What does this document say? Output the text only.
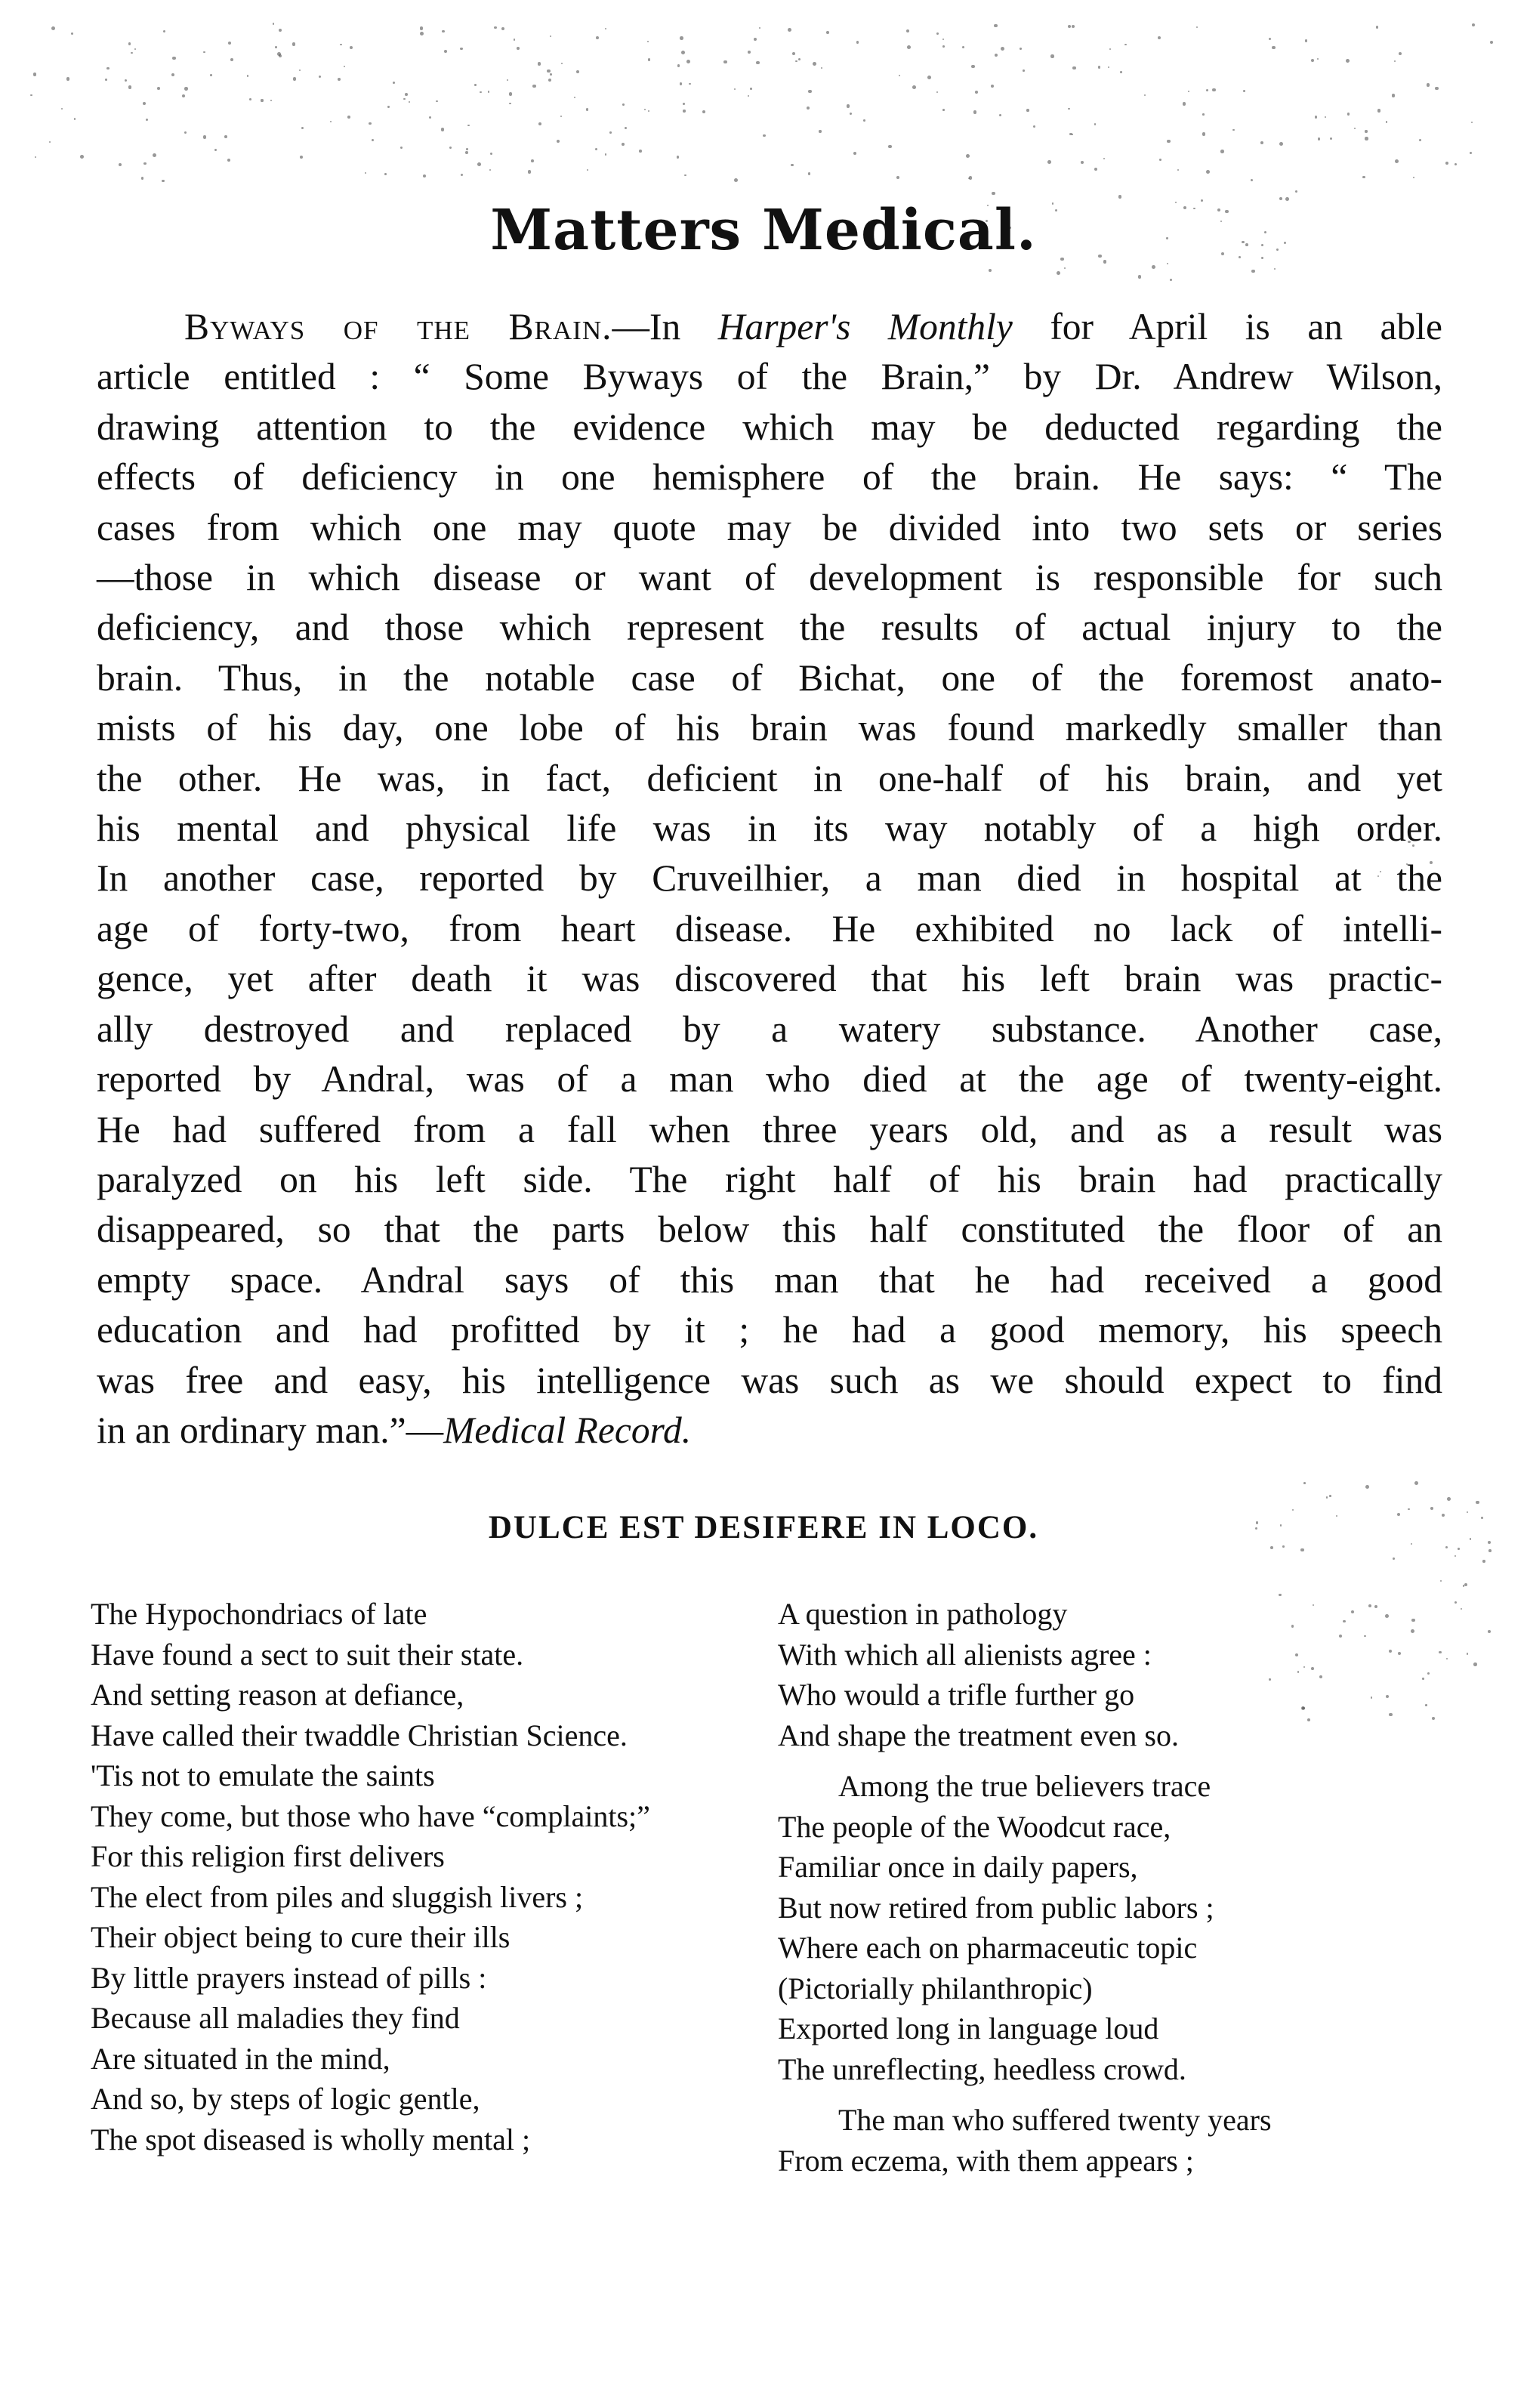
Matters Medical.
Byways of the Brain.—In Harper's Monthly for April is an able
article entitled : “ Some Byways of the Brain,” by Dr. Andrew Wilson,
drawing attention to the evidence which may be deducted regarding the
effects of deficiency in one hemisphere of the brain. He says: “ The
cases from which one may quote may be divided into two sets or series
—those in which disease or want of development is responsible for such
deficiency, and those which represent the results of actual injury to the
brain. Thus, in the notable case of Bichat, one of the foremost anato-
mists of his day, one lobe of his brain was found markedly smaller than
the other. He was, in fact, deficient in one-half of his brain, and yet
his mental and physical life was in its way notably of a high order.
In another case, reported by Cruveilhier, a man died in hospital at the
age of forty-two, from heart disease. He exhibited no lack of intelli-
gence, yet after death it was discovered that his left brain was practic-
ally destroyed and replaced by a watery substance. Another case,
reported by Andral, was of a man who died at the age of twenty-eight.
He had suffered from a fall when three years old, and as a result was
paralyzed on his left side. The right half of his brain had practically
disappeared, so that the parts below this half constituted the floor of an
empty space. Andral says of this man that he had received a good
education and had profitted by it ; he had a good memory, his speech
was free and easy, his intelligence was such as we should expect to find
in an ordinary man.”—Medical Record.
DULCE EST DESIFERE IN LOCO.
The Hypochondriacs of late
Have found a sect to suit their state.
And setting reason at defiance,
Have called their twaddle Christian Science.
'Tis not to emulate the saints
They come, but those who have “complaints;”
For this religion first delivers
The elect from piles and sluggish livers ;
Their object being to cure their ills
By little prayers instead of pills :
Because all maladies they find
Are situated in the mind,
And so, by steps of logic gentle,
The spot diseased is wholly mental ;
A question in pathology
With which all alienists agree :
Who would a trifle further go
And shape the treatment even so.
Among the true believers trace
The people of the Woodcut race,
Familiar once in daily papers,
But now retired from public labors ;
Where each on pharmaceutic topic
(Pictorially philanthropic)
Exported long in language loud
The unreflecting, heedless crowd.
The man who suffered twenty years
From eczema, with them appears ;
